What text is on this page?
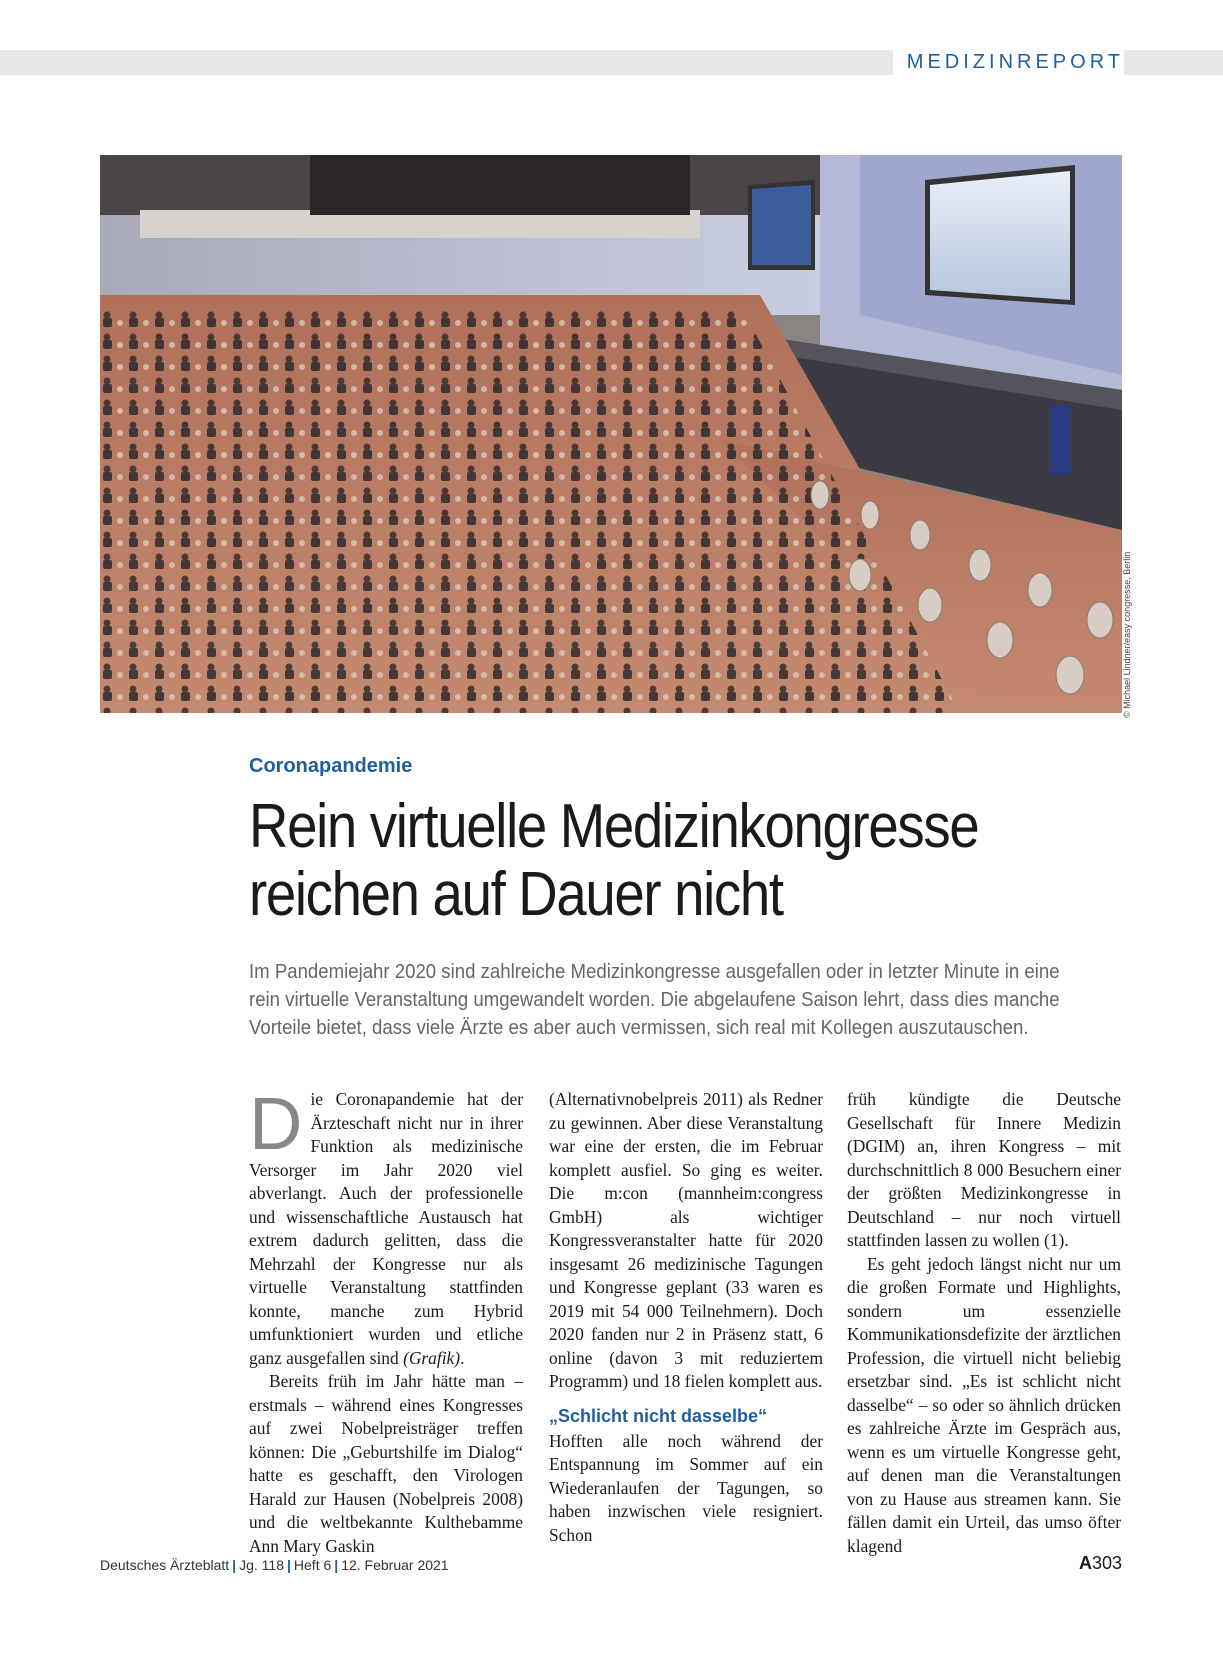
MEDIZINREPORT
© Michael Lindner/easy congresse, Berlin
Coronapandemie
Rein virtuelle Medizinkongresse
reichen auf Dauer nicht

Im Pandemiejahr 2020 sind zahlreiche Medizinkongresse ausgefallen oder in letzter Minute in eine rein virtuelle Veranstaltung umgewandelt worden. Die abgelaufene Saison lehrt, dass dies manche Vorteile bietet, dass viele Ärzte es aber auch vermissen, sich real mit Kollegen auszutauschen.

D ie Coronapandemie hat der Ärzteschaft nicht nur in ihrer Funktion als medizinische Versorger im Jahr 2020 viel abverlangt. Auch der professionelle und wissenschaftliche Austausch hat extrem dadurch gelitten, dass die Mehrzahl der Kongresse nur als virtuelle Veranstaltung stattfinden konnte, manche zum Hybrid umfunktioniert wurden und etliche ganz ausgefallen sind (Grafik).

Bereits früh im Jahr hätte man – erstmals – während eines Kongresses auf zwei Nobelpreisträger treffen können: Die „Geburtshilfe im Dialog“ hatte es geschafft, den Virologen Harald zur Hausen (Nobelpreis 2008) und die weltbekannte Kulthebamme Ann Mary Gaskin

(Alternativnobelpreis 2011) als Redner zu gewinnen. Aber diese Veranstaltung war eine der ersten, die im Februar komplett ausfiel. So ging es weiter. Die m:con (mannheim:congress GmbH) als wichtiger Kongressveranstalter hatte für 2020 insgesamt 26 medizinische Tagungen und Kongresse geplant (33 waren es 2019 mit 54 000 Teilnehmern). Doch 2020 fanden nur 2 in Präsenz statt, 6 online (davon 3 mit reduziertem Programm) und 18 fielen komplett aus.

„Schlicht nicht dasselbe“

Hofften alle noch während der Entspannung im Sommer auf ein Wiederanlaufen der Tagungen, so haben inzwischen viele resigniert. Schon

früh kündigte die Deutsche Gesellschaft für Innere Medizin (DGIM) an, ihren Kongress – mit durchschnittlich 8 000 Besuchern einer der größten Medizinkongresse in Deutschland – nur noch virtuell stattfinden lassen zu wollen (1).

Es geht jedoch längst nicht nur um die großen Formate und Highlights, sondern um essenzielle Kommunikationsdefizite der ärztlichen Profession, die virtuell nicht beliebig ersetzbar sind. „Es ist schlicht nicht dasselbe“ – so oder so ähnlich drücken es zahlreiche Ärzte im Gespräch aus, wenn es um virtuelle Kongresse geht, auf denen man die Veranstaltungen von zu Hause aus streamen kann. Sie fällen damit ein Urteil, das umso öfter klagend

Deutsches Ärzteblatt | Jg. 118 | Heft 6 | 12. Februar 2021	A303
